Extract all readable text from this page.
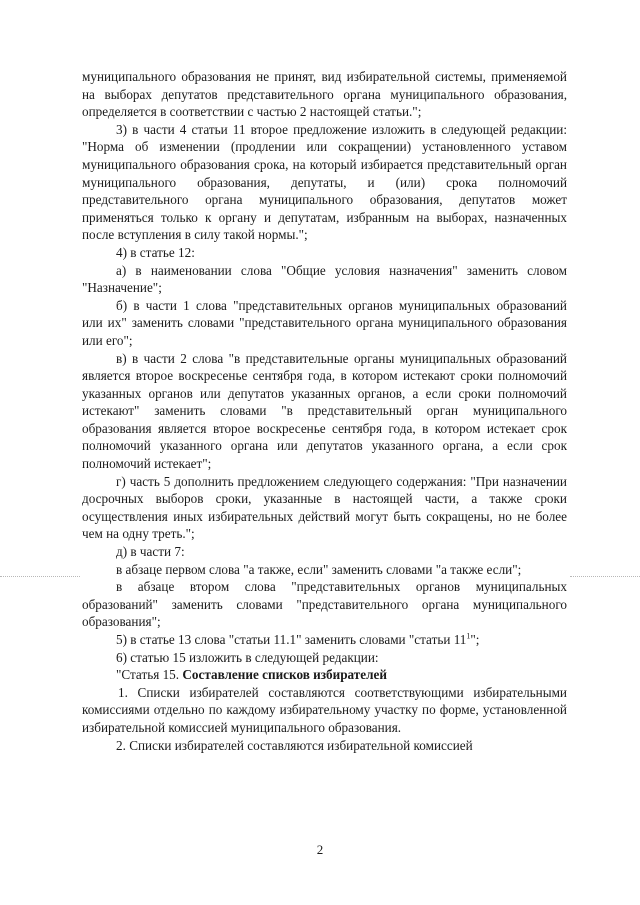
муниципального образования не принят, вид избирательной системы, применяемой на выборах депутатов представительного органа муниципального образования, определяется в соответствии с частью 2 настоящей статьи.";

3) в части 4 статьи 11 второе предложение изложить в следующей редакции: "Норма об изменении (продлении или сокращении) установленного уставом муниципального образования срока, на который избирается представительный орган муниципального образования, депутаты, и (или) срока полномочий представительного органа муниципального образования, депутатов может применяться только к органу и депутатам, избранным на выборах, назначенных после вступления в силу такой нормы.";

4) в статье 12:

а) в наименовании слова "Общие условия назначения" заменить словом "Назначение";

б) в части 1 слова "представительных органов муниципальных образований или их" заменить словами "представительного органа муниципального образования или его";

в) в части 2 слова "в представительные органы муниципальных образований является второе воскресенье сентября года, в котором истекают сроки полномочий указанных органов или депутатов указанных органов, а если сроки полномочий истекают" заменить словами "в представительный орган муниципального образования является второе воскресенье сентября года, в котором истекает срок полномочий указанного органа или депутатов указанного органа, а если срок полномочий истекает";

г) часть 5 дополнить предложением следующего содержания: "При назначении досрочных выборов сроки, указанные в настоящей части, а также сроки осуществления иных избирательных действий могут быть сокращены, но не более чем на одну треть.";

д) в части 7:

в абзаце первом слова "а также, если" заменить словами "а также если";

в абзаце втором слова "представительных органов муниципальных образований" заменить словами "представительного органа муниципального образования";

5) в статье 13 слова "статьи 11.1" заменить словами "статьи $11^1$";

6) статью 15 изложить в следующей редакции:

"Статья 15. Составление списков избирателей

1. Списки избирателей составляются соответствующими избирательными комиссиями отдельно по каждому избирательному участку по форме, установленной избирательной комиссией муниципального образования.

2. Списки избирателей составляются избирательной комиссией

2
